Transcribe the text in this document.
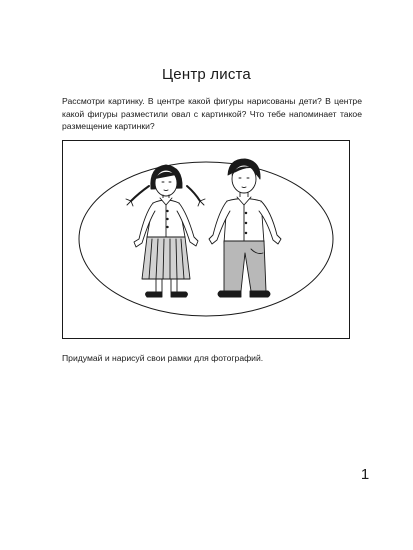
Центр листа

Рассмотри картинку. В центре какой фигуры нарисованы дети? В центре какой фигуры разместили овал с картинкой? Что тебе напоминает такое размещение картинки?

Придумай и нарисуй свои рамки для фотографий.

1
